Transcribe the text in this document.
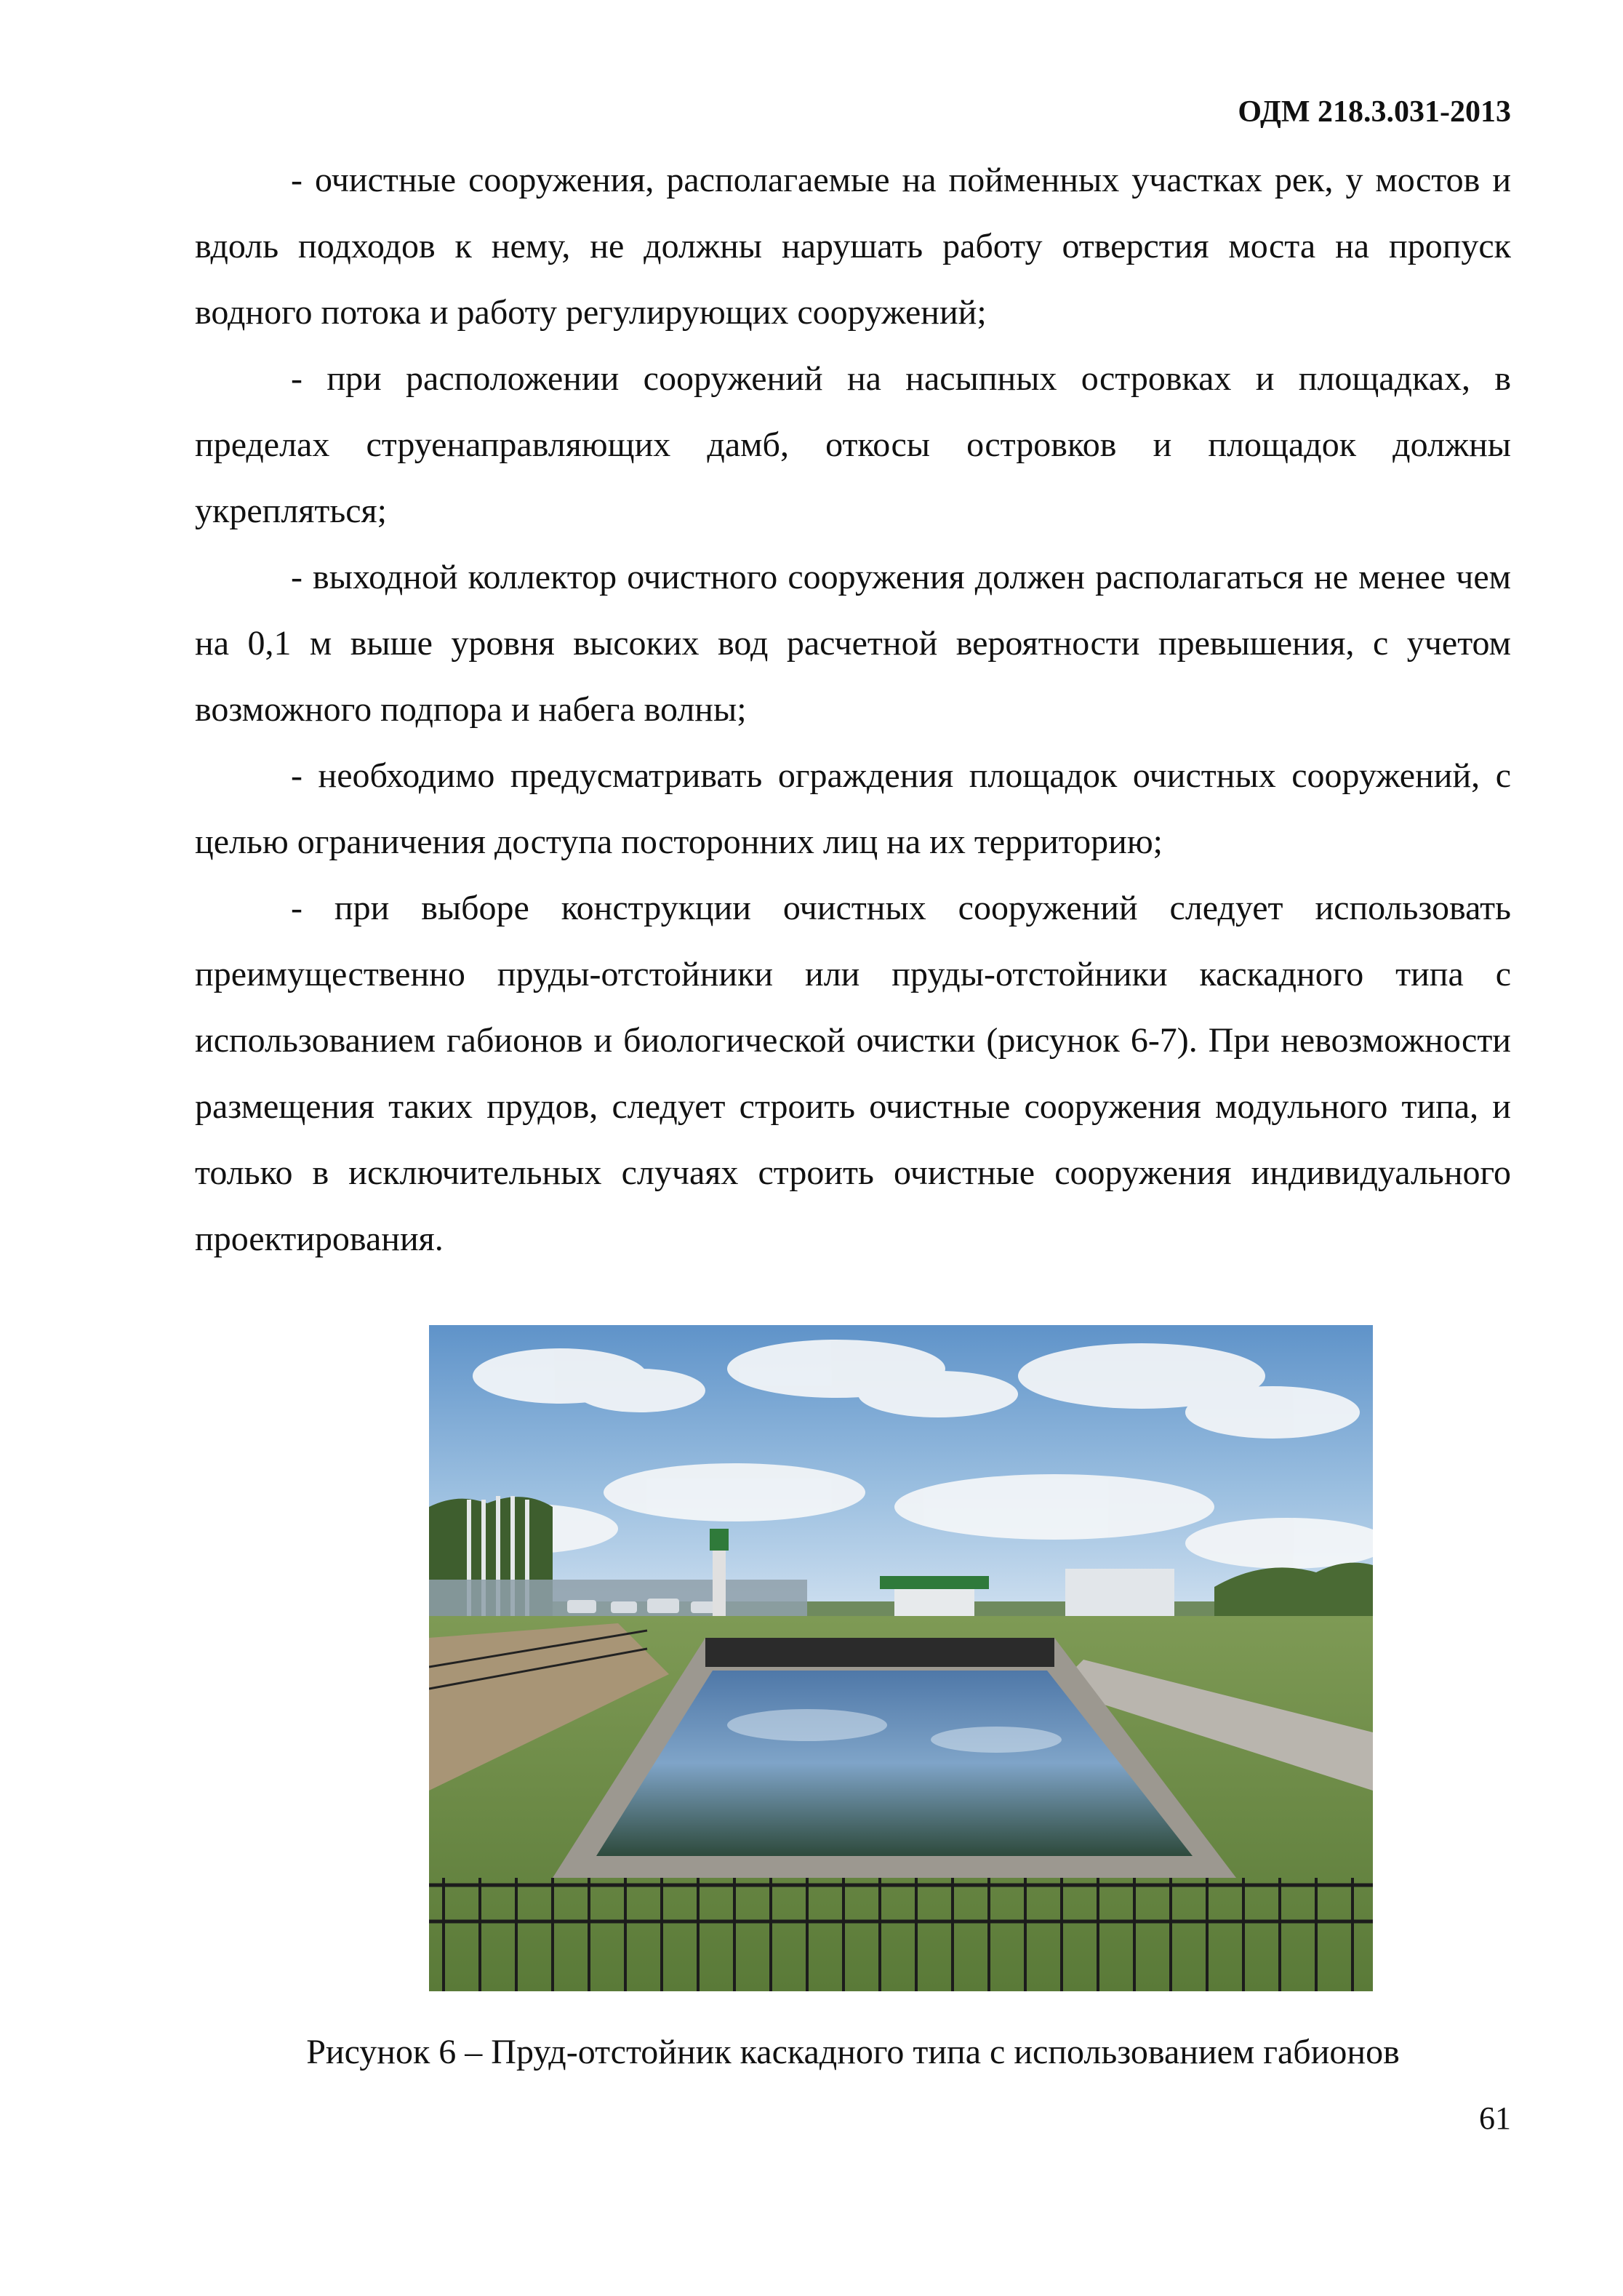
ОДМ 218.3.031-2013

- очистные сооружения, располагаемые на пойменных участках рек, у мостов и вдоль подходов к нему, не должны нарушать работу отверстия моста на пропуск водного потока и работу регулирующих сооружений;

- при расположении сооружений на насыпных островках и площадках, в пределах струенаправляющих дамб, откосы островков и площадок должны укрепляться;

- выходной коллектор очистного сооружения должен располагаться не менее чем на 0,1 м выше уровня высоких вод расчетной вероятности превышения, с учетом возможного подпора и набега волны;

- необходимо предусматривать ограждения площадок очистных сооружений, с целью ограничения доступа посторонних лиц на их территорию;

- при выборе конструкции очистных сооружений следует использовать преимущественно пруды-отстойники или пруды-отстойники каскадного типа с использованием габионов и биологической очистки (рисунок 6-7). При невозможности размещения таких прудов, следует строить очистные сооружения модульного типа, и только в исключительных случаях строить очистные сооружения индивидуального проектирования.

Рисунок 6 – Пруд-отстойник каскадного типа с использованием габионов
61
